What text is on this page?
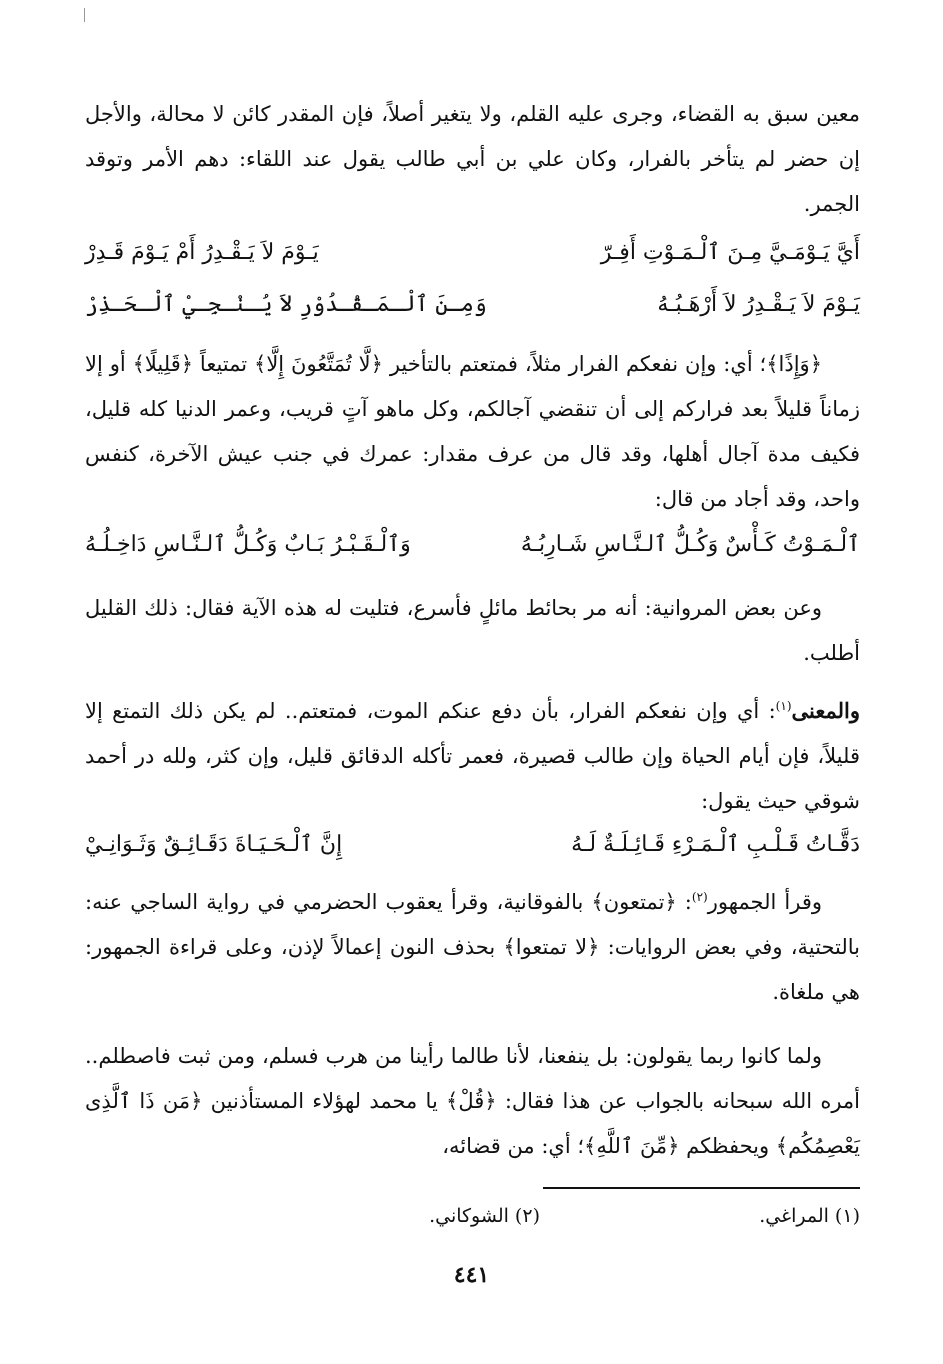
معين سبق به القضاء، وجرى عليه القلم، ولا يتغير أصلاً، فإن المقدر كائن لا محالة، والأجل إن حضر لم يتأخر بالفرار، وكان علي بن أبي طالب يقول عند اللقاء: دهم الأمر وتوقد الجمر.

أَيَّ يَـوْمَـيَّ مِـنَ ٱلْـمَـوْتِ أَفِـرّ
يَـوْمَ لاَ يَـقْـدِرُ أَمْ يَـوْمَ قَـدِرْ
يَـوْمَ لاَ يَـقْـدِرُ لاَ أَرْهَـبُـهُ
وَمِـنَ ٱلْـمَـقْـدُوْرِ لاَ يُـنْـجِـيْ ٱلْـحَـذِرْ

﴿وَإِذًا﴾؛ أي: وإن نفعكم الفرار مثلاً، فمتعتم بالتأخير ﴿لَّا تُمَتَّعُونَ إِلَّا﴾ تمتيعاً ﴿قَلِيلًا﴾ أو إلا زماناً قليلاً بعد فراركم إلى أن تنقضي آجالكم، وكل ماهو آتٍ قريب، وعمر الدنيا كله قليل، فكيف مدة آجال أهلها، وقد قال من عرف مقدار: عمرك في جنب عيش الآخرة، كنفس واحد، وقد أجاد من قال:

ٱلْـمَـوْتُ كَـأْسٌ وَكُـلُّ ٱلـنَّـاسِ شَـارِبُـهُ
وَٱلْـقَـبْـرُ بَـابٌ وَكُـلُّ ٱلـنَّـاسِ دَاخِـلُـهُ

وعن بعض المروانية: أنه مر بحائط مائلٍ فأسرع، فتليت له هذه الآية فقال: ذلك القليل أطلب.

والمعنى$^{(١)}$: أي وإن نفعكم الفرار، بأن دفع عنكم الموت، فمتعتم.. لم يكن ذلك التمتع إلا قليلاً، فإن أيام الحياة وإن طالب قصيرة، فعمر تأكله الدقائق قليل، وإن كثر، ولله در أحمد شوقي حيث يقول:

دَقَّـاتُ قَـلْـبِ ٱلْـمَـرْءِ قَـائِـلَـةٌ لَـهُ
إِنَّ ٱلْـحَـيَـاةَ دَقَـائِـقٌ وَثَـوَانِـيْ

وقرأ الجمهور$^{(٢)}$: ﴿تمتعون﴾ بالفوقانية، وقرأ يعقوب الحضرمي في رواية الساجي عنه: بالتحتية، وفي بعض الروايات: ﴿لا تمتعوا﴾ بحذف النون إعمالاً لإذن، وعلى قراءة الجمهور: هي ملغاة.

ولما كانوا ربما يقولون: بل ينفعنا، لأنا طالما رأينا من هرب فسلم، ومن ثبت فاصطلم.. أمره الله سبحانه بالجواب عن هذا فقال: ﴿قُلْ﴾ يا محمد لهؤلاء المستأذنين ﴿مَن ذَا ٱلَّذِى يَعْصِمُكُم﴾ ويحفظكم ﴿مِّنَ ٱللَّهِ﴾؛ أي: من قضائه،

(١) المراغي.
(٢) الشوكاني.
٤٤١
